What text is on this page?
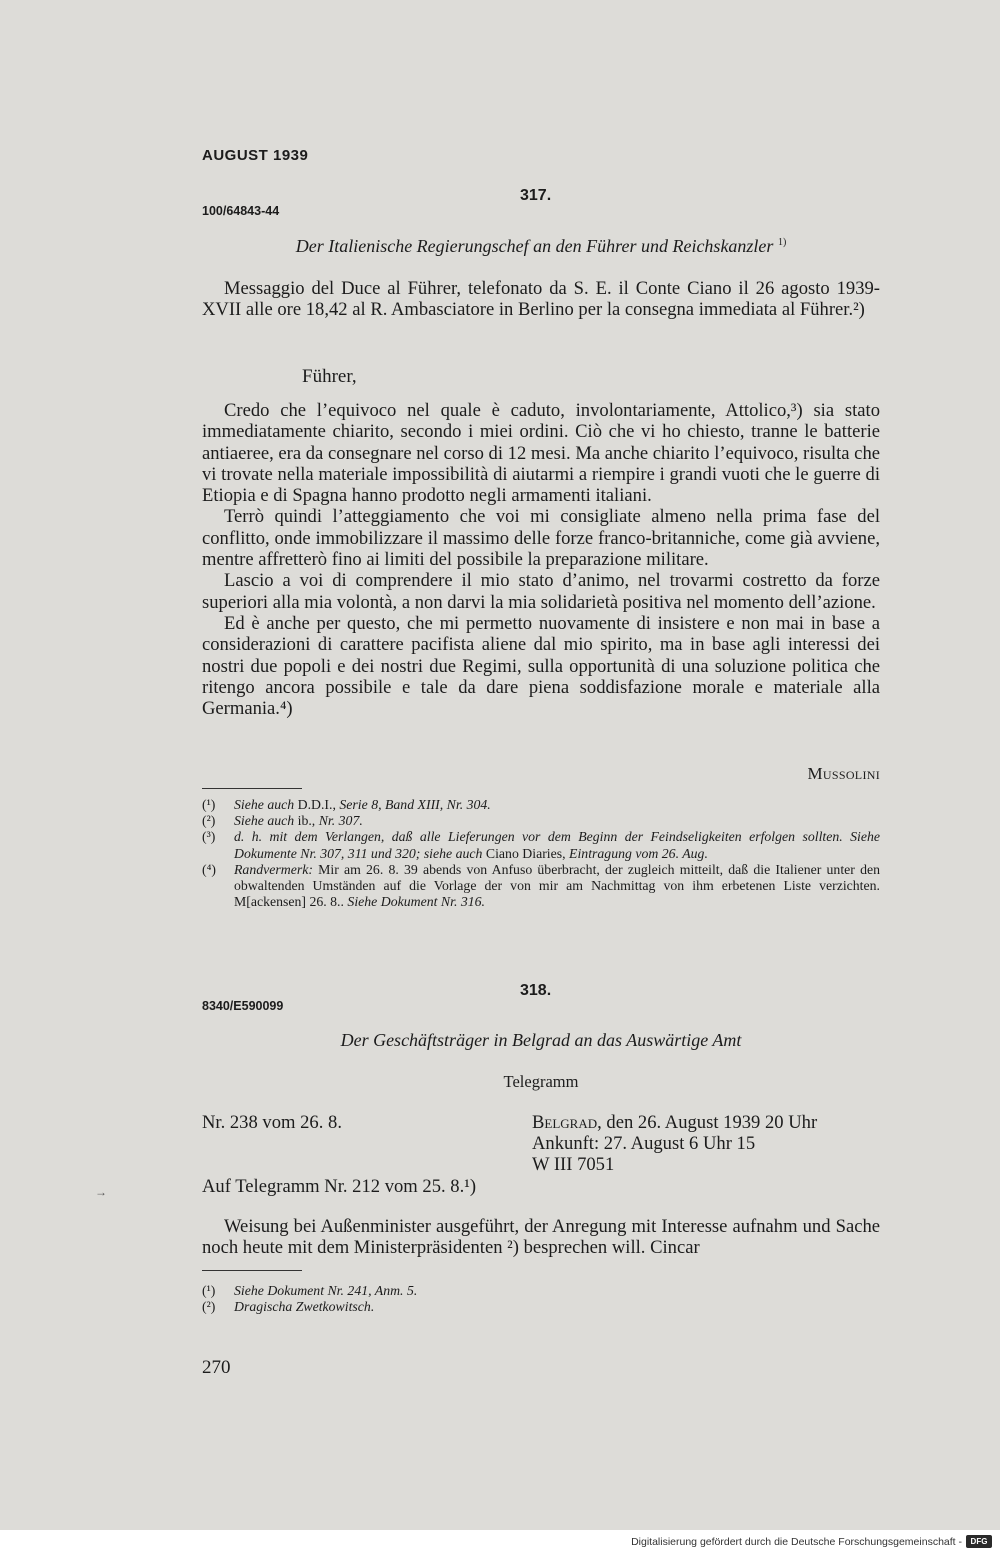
AUGUST 1939
317.
100/64843-44
Der Italienische Regierungschef an den Führer und Reichskanzler $^{1)}$

Messaggio del Duce al Führer, telefonato da S. E. il Conte Ciano il 26 agosto 1939-XVII alle ore 18,42 al R. Ambasciatore in Berlino per la consegna immediata al Führer.²)

Führer,

Credo che l’equivoco nel quale è caduto, involontariamente, Attolico,³) sia stato immediatamente chiarito, secondo i miei ordini. Ciò che vi ho chiesto, tranne le batterie antiaeree, era da consegnare nel corso di 12 mesi. Ma anche chiarito l’equivoco, risulta che vi trovate nella materiale impossibilità di aiutarmi a riempire i grandi vuoti che le guerre di Etiopia e di Spagna hanno prodotto negli armamenti italiani.

Terrò quindi l’atteggiamento che voi mi consigliate almeno nella prima fase del conflitto, onde immobilizzare il massimo delle forze franco-britanniche, come già avviene, mentre affretterò fino ai limiti del possibile la preparazione militare.

Lascio a voi di comprendere il mio stato d’animo, nel trovarmi costretto da forze superiori alla mia volontà, a non darvi la mia solidarietà positiva nel momento dell’azione.

Ed è anche per questo, che mi permetto nuovamente di insistere e non mai in base a considerazioni di carattere pacifista aliene dal mio spirito, ma in base agli interessi dei nostri due popoli e dei nostri due Regimi, sulla opportunità di una soluzione politica che ritengo ancora possibile e tale da dare piena soddisfazione morale e materiale alla Germania.⁴)

Mussolini
(¹)	Siehe auch D.D.I., Serie 8, Band XIII, Nr. 304.
(²)	Siehe auch ib., Nr. 307.
(³)	d. h. mit dem Verlangen, daß alle Lieferungen vor dem Beginn der Feindseligkeiten erfolgen sollten. Siehe Dokumente Nr. 307, 311 und 320; siehe auch Ciano Diaries, Eintragung vom 26. Aug.
(⁴)	Randvermerk: Mir am 26. 8. 39 abends von Anfuso überbracht, der zugleich mitteilt, daß die Italiener unter den obwaltenden Umständen auf die Vorlage der von mir am Nachmittag von ihm erbetenen Liste verzichten. M[ackensen] 26. 8.. Siehe Dokument Nr. 316.
318.
8340/E590099
Der Geschäftsträger in Belgrad an das Auswärtige Amt
Telegramm
Nr. 238 vom 26. 8.	Belgrad, den 26. August 1939 20 Uhr
Ankunft: 27. August 6 Uhr 15
W III 7051
Auf Telegramm Nr. 212 vom 25. 8.¹)

Weisung bei Außenminister ausgeführt, der Anregung mit Interesse aufnahm und Sache noch heute mit dem Ministerpräsidenten ²) besprechen will. Cincar

(¹)	Siehe Dokument Nr. 241, Anm. 5.
(²)	Dragischa Zwetkowitsch.
270
→
Digitalisierung gefördert durch die Deutsche Forschungsgemeinschaft -	DFG
